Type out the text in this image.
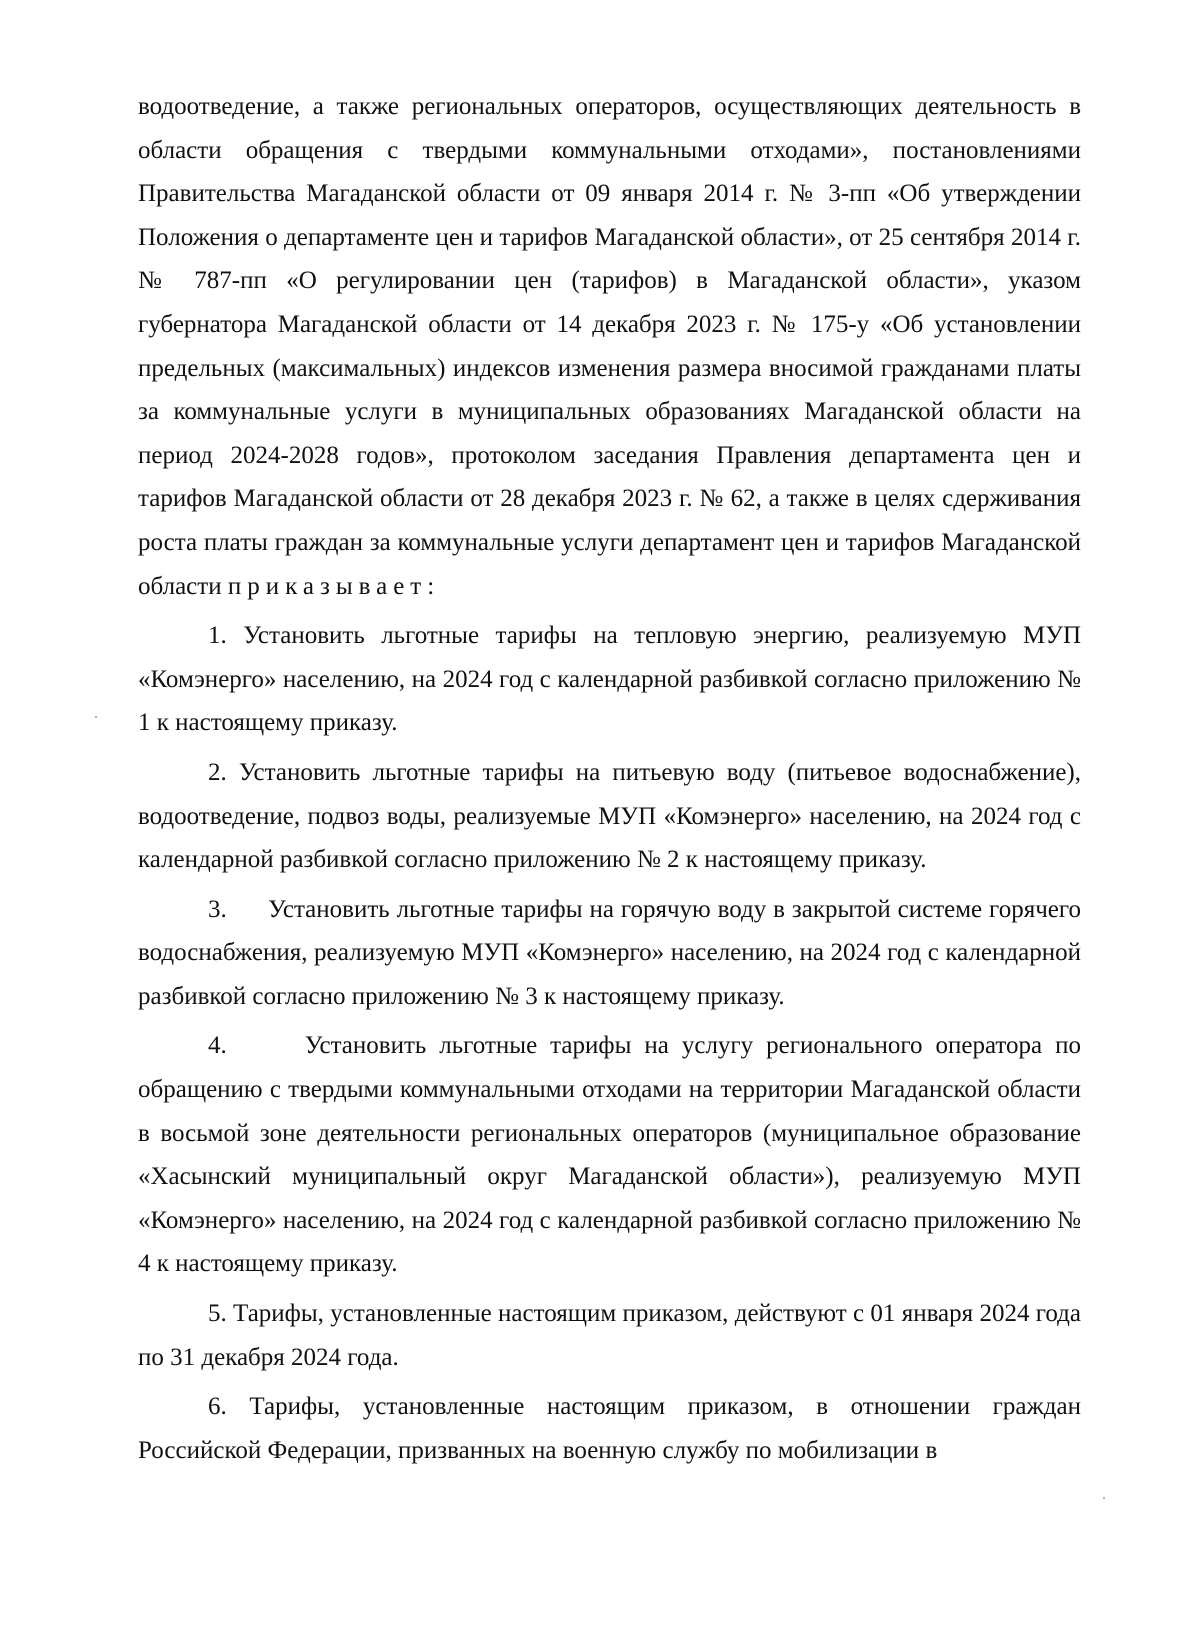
водоотведение, а также региональных операторов, осуществляющих деятельность в области обращения с твердыми коммунальными отходами», постановлениями Правительства Магаданской области от 09 января 2014 г. № 3-пп «Об утверждении Положения о департаменте цен и тарифов Магаданской области», от 25 сентября 2014 г. № 787-пп «О регулировании цен (тарифов) в Магаданской области», указом губернатора Магаданской области от 14 декабря 2023 г. № 175-у «Об установлении предельных (максимальных) индексов изменения размера вносимой гражданами платы за коммунальные услуги в муниципальных образованиях Магаданской области на период 2024-2028 годов», протоколом заседания Правления департамента цен и тарифов Магаданской области от 28 декабря 2023 г. № 62, а также в целях сдерживания роста платы граждан за коммунальные услуги департамент цен и тарифов Магаданской области приказывает:

1. Установить льготные тарифы на тепловую энергию, реализуемую МУП «Комэнерго» населению, на 2024 год с календарной разбивкой согласно приложению № 1 к настоящему приказу.

2. Установить льготные тарифы на питьевую воду (питьевое водоснабжение), водоотведение, подвоз воды, реализуемые МУП «Комэнерго» населению, на 2024 год с календарной разбивкой согласно приложению № 2 к настоящему приказу.

3.      Установить льготные тарифы на горячую воду в закрытой системе горячего водоснабжения, реализуемую МУП «Комэнерго» населению, на 2024 год с календарной разбивкой согласно приложению № 3 к настоящему приказу.

4.      Установить льготные тарифы на услугу регионального оператора по обращению с твердыми коммунальными отходами на территории Магаданской области в восьмой зоне деятельности региональных операторов (муниципальное образование «Хасынский муниципальный округ Магаданской области»), реализуемую МУП «Комэнерго» населению, на 2024 год с календарной разбивкой согласно приложению № 4 к настоящему приказу.

5. Тарифы, установленные настоящим приказом, действуют с 01 января 2024 года по 31 декабря 2024 года.

6. Тарифы, установленные настоящим приказом, в отношении граждан Российской Федерации, призванных на военную службу по мобилизации в
